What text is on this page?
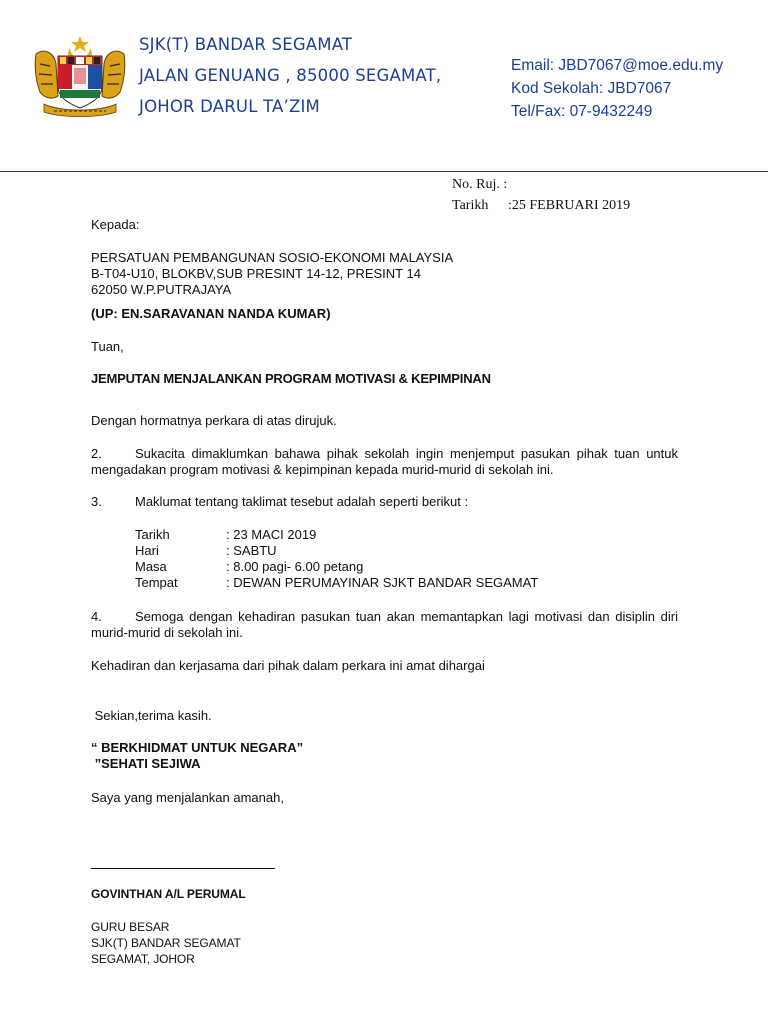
SJK(T) BANDAR SEGAMAT
JALAN GENUANG , 85000 SEGAMAT,
JOHOR DARUL TA’ZIM
Email: JBD7067@moe.edu.my
Kod Sekolah: JBD7067
Tel/Fax: 07-9432249
No. Ruj. :
Tarikh :25 FEBRUARI 2019
Kepada:
PERSATUAN PEMBANGUNAN SOSIO-EKONOMI MALAYSIA
B-T04-U10, BLOKBV,SUB PRESINT 14-12, PRESINT 14
62050 W.P.PUTRAJAYA
(UP: EN.SARAVANAN NANDA KUMAR)
Tuan,
JEMPUTAN MENJALANKAN PROGRAM MOTIVASI & KEPIMPINAN
Dengan hormatnya perkara di atas dirujuk.
2.	Sukacita dimaklumkan bahawa pihak sekolah ingin menjemput pasukan pihak tuan untuk mengadakan program motivasi & kepimpinan kepada murid-murid di sekolah ini.
3.	Maklumat tentang taklimat tesebut adalah seperti berikut :
Tarikh	: 23 MACI 2019
Hari	: SABTU
Masa	: 8.00 pagi- 6.00 petang
Tempat	: DEWAN PERUMAYINAR SJKT BANDAR SEGAMAT
4.	Semoga dengan kehadiran pasukan tuan akan memantapkan lagi motivasi dan disiplin diri murid-murid di sekolah ini.
Kehadiran dan kerjasama dari pihak dalam perkara ini amat dihargai
Sekian,terima kasih.
“ BERKHIDMAT UNTUK NEGARA”
”SEHATI SEJIWA
Saya yang menjalankan amanah,
GOVINTHAN A/L PERUMAL
GURU BESAR
SJK(T) BANDAR SEGAMAT
SEGAMAT, JOHOR
